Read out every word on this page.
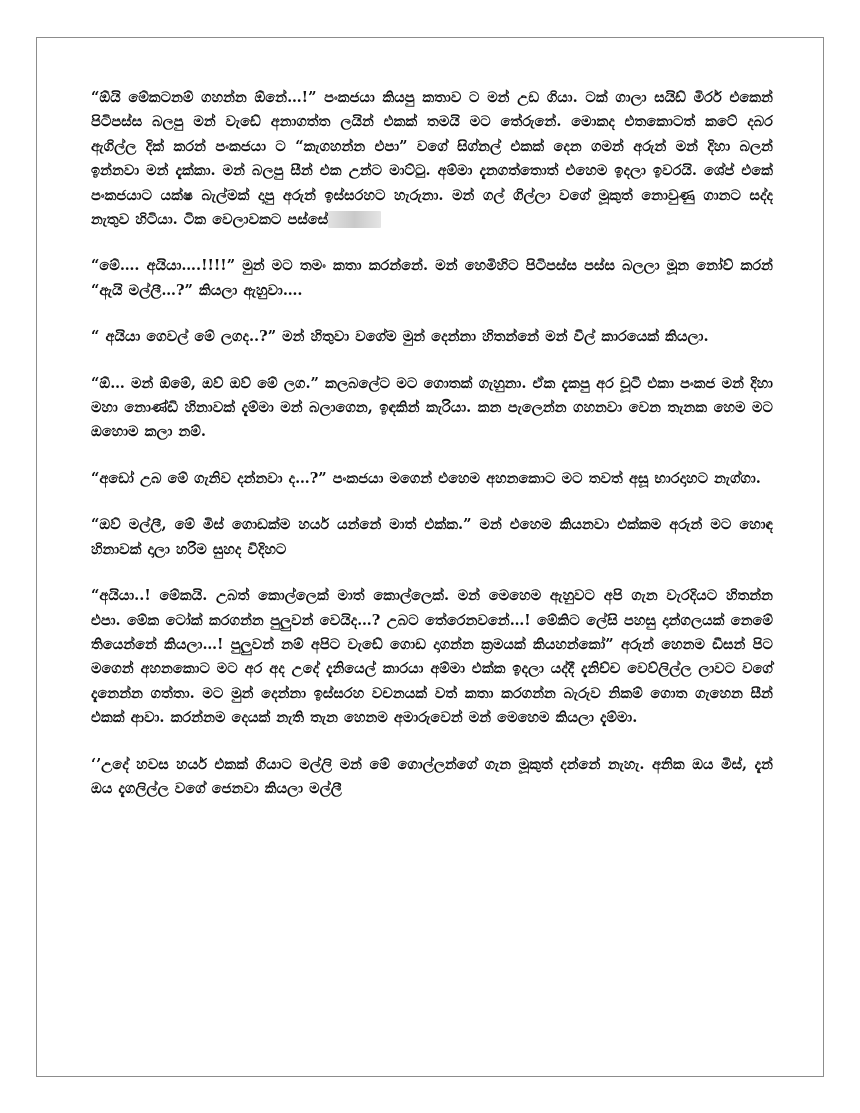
“ඕයි මේකටනම් ගහන්න ඕනේ…!” පංකජයා කියපු කතාව ට මන් උඩ ගියා. ටක් ගාලා සයිඩ් මිරර් එකෙන් පිටිපස්ස බලපු මන් වැඩේ අනාගත්ත ලයින් එකක් තමයි මට තේරුනේ. මොකද එතකොටත් කටේ දබර ඇගිල්ල දික් කරන් පංකජයා ට “කැගහන්න එපා” වගේ සිග්නල් එකක් දෙන ගමන් අරුන් මන් දිහා බලන් ඉන්නවා මන් දැක්කා. මන් බලපු සීන් එක උන්ට මාට්ටු. අම්මා දැනගත්තොත් එහෙම ඉදලා ඉවරයි. ශේප් එකේ පංකජයාට යක්ෂ බැල්මක් දාපු අරුන් ඉස්සරහට හැරුනා. මන් ගල් ගිල්ලා වගේ මූකුත් නොවුණු ගානට සද්ද නැතුව හිටියා. ටික වෙලාවකට පස්සේ

“මේ…. අයියා….!!!!” මුන් මට තමං කතා කරන්නේ. මන් හෙමිහිට පිටිපස්ස පස්ස බලලා මූන නෝව් කරන් “ඇයි මල්ලී…?” කියලා ඇහුවා….

“ අයියා ගෙවල් මේ ලගද..?” මන් හිතුවා වගේම මුන් දෙන්නා හිතන්නේ මන් වීල් කාරයෙක් කියලා.

“ඕ… මන් ඕමේ, ඔව් ඔව් මේ ලග.” කලබලේට මට ගොතක් ගැහුනා. ඒක දැකපු අර චූටි එකා පංකජ මන් දිහා මහා නොණ්ඩි හිනාවක් දැම්මා මන් බලාගෙන, ඉඳකින් කැරියා. කන පැලෙන්න ගහනවා වෙන තැනක හෙම මට ඔහොම කලා නම්.

“අඩෝ උබ මේ ගැනිව දන්නවා ද…?” පංකජයා මගෙන් එහෙම අහනකොට මට තවත් අසූ භාරදාහට නැග්ගා.

“ඔව් මල්ලී, මේ මිස් ගොඩක්ම හයර් යන්නේ මාත් එක්ක.” මන් එහෙම කියනවා එක්කම අරුන් මට හොඳ හිනාවක් දාලා හරිම සුහද විදිහට

“අයියා..! මේකයි. උබත් කොල්ලෙක් මාත් කොල්ලෙක්. මන් මෙහෙම ඇහුවට අපි ගැන වැරදියට හිතන්න එපා. මේක ටෝක් කරගන්න පුලුවන් වෙයිද…? උබට තේරෙනවනේ…! මේකිට ලේසි පහසු දාන්ගලයක් නෙමේ තියෙන්නේ කියලා…! පුලුවන් නම් අපිට වැඩේ ගොඩ දාගන්න ක්‍රමයක් කියහන්කෝ” අරුන් හෙනම ඩීසන් පිට මගෙන් අහනකොට මට අර අද උදේ දැනියෙල් කාරයා අම්මා එක්ක ඉදලා යද්දී දැනිච්ච වෙව්ලිල්ල ලාවට වගේ දැනෙන්න ගත්තා. මට මුන් දෙන්නා ඉස්සරහ වචනයක් වත් කතා කරගන්න බැරුව නිකම් ගොත ගැහෙන සීන් එකක් ආවා. කරන්නම දෙයක් නැති තැන හෙනම අමාරුවෙන් මන් මෙහෙම කියලා දැම්මා.

‘’උදේ හවස හයර් එකක් ගියාට මල්ලි මන් මේ ගොල්ලන්ගේ ගැන මූකුත් දන්නේ නැහැ. අනික ඔය මිස්, දැන් ඔය දැගලිල්ල වගේ ජෙනවා කියලා මල්ලී
